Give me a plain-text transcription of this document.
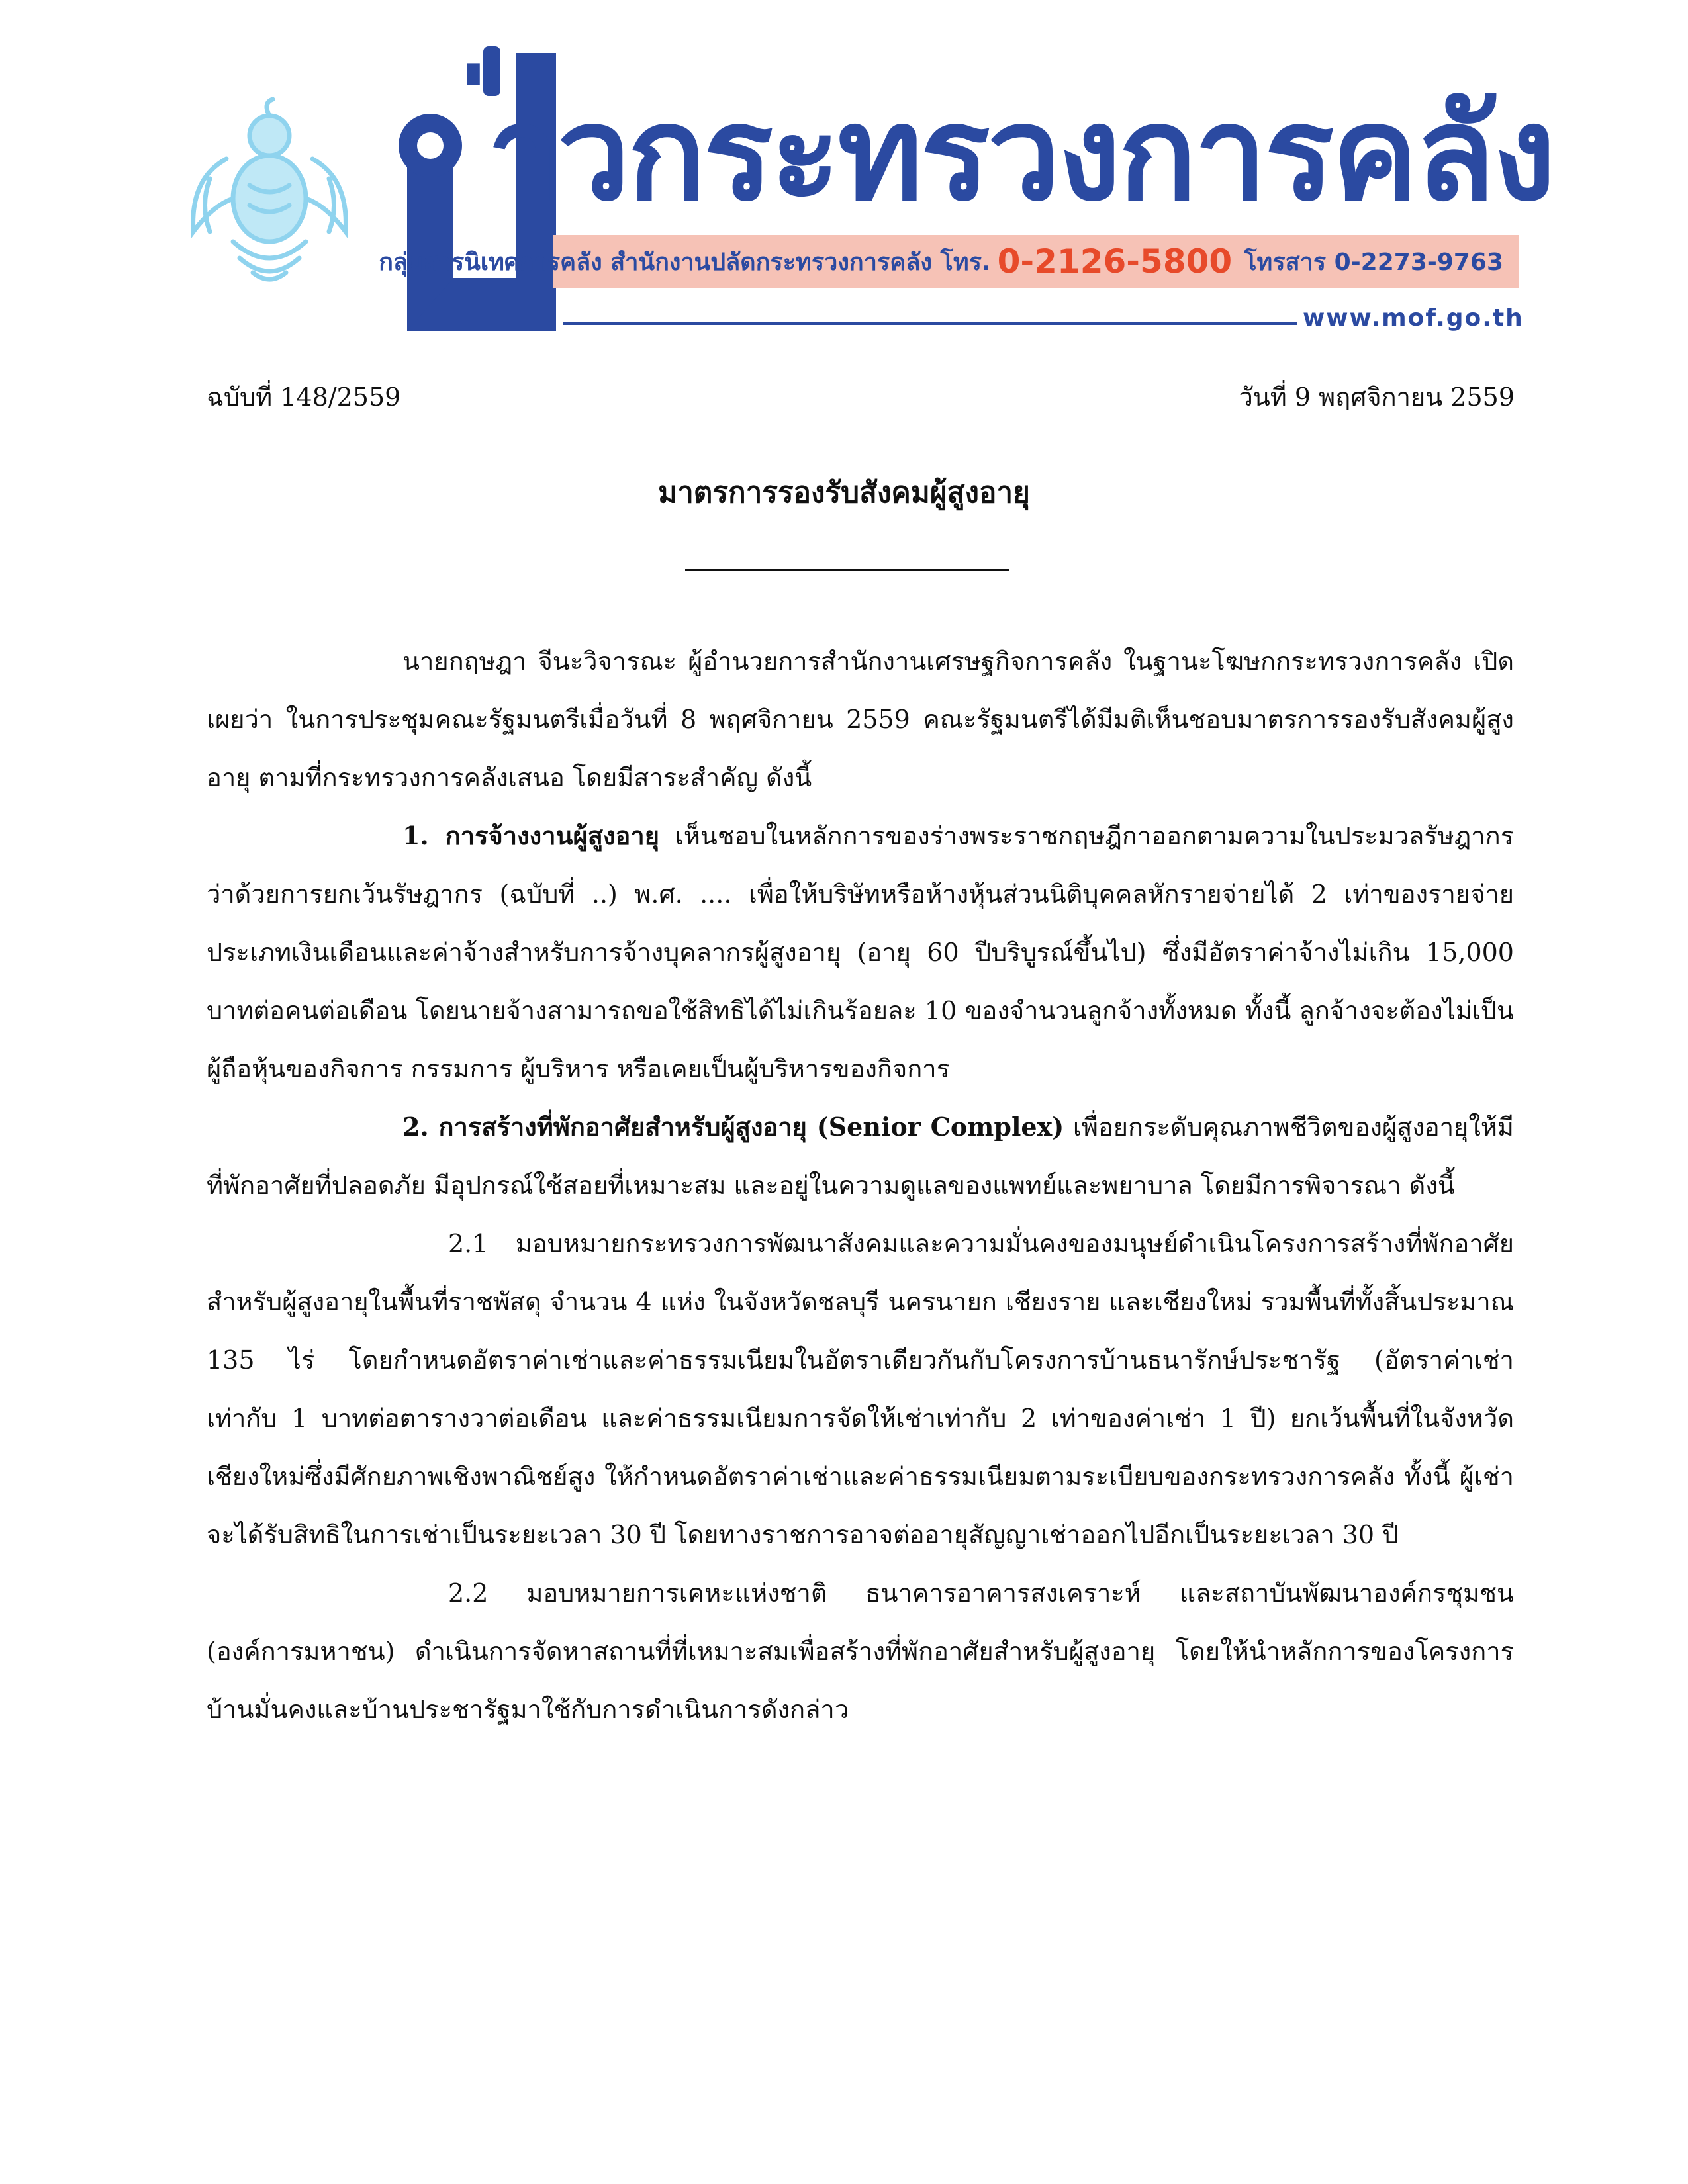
่าวกระทรวงการคลัง
กลุ่มสารนิเทศการคลัง สำนักงานปลัดกระทรวงการคลัง โทร. 0-2126-5800 โทรสาร 0-2273-9763
www.mof.go.th
ฉบับที่ 148/2559	วันที่ 9 พฤศจิกายน 2559
มาตรการรองรับสังคมผู้สูงอายุ

นายกฤษฎา จีนะวิจารณะ ผู้อำนวยการสำนักงานเศรษฐกิจการคลัง ในฐานะโฆษกกระทรวงการคลัง เปิดเผยว่า ในการประชุมคณะรัฐมนตรีเมื่อวันที่ 8 พฤศจิกายน 2559 คณะรัฐมนตรีได้มีมติเห็นชอบมาตรการรองรับสังคมผู้สูงอายุ ตามที่กระทรวงการคลังเสนอ โดยมีสาระสำคัญ ดังนี้

1. การจ้างงานผู้สูงอายุ เห็นชอบในหลักการของร่างพระราชกฤษฎีกาออกตามความในประมวลรัษฎากรว่าด้วยการยกเว้นรัษฎากร (ฉบับที่ ..) พ.ศ. .... เพื่อให้บริษัทหรือห้างหุ้นส่วนนิติบุคคลหักรายจ่ายได้ 2 เท่าของรายจ่ายประเภทเงินเดือนและค่าจ้างสำหรับการจ้างบุคลากรผู้สูงอายุ (อายุ 60 ปีบริบูรณ์ขึ้นไป) ซึ่งมีอัตราค่าจ้างไม่เกิน 15,000 บาทต่อคนต่อเดือน โดยนายจ้างสามารถขอใช้สิทธิได้ไม่เกินร้อยละ 10 ของจำนวนลูกจ้างทั้งหมด ทั้งนี้ ลูกจ้างจะต้องไม่เป็นผู้ถือหุ้นของกิจการ กรรมการ ผู้บริหาร หรือเคยเป็นผู้บริหารของกิจการ

2. การสร้างที่พักอาศัยสำหรับผู้สูงอายุ (Senior Complex) เพื่อยกระดับคุณภาพชีวิตของผู้สูงอายุให้มีที่พักอาศัยที่ปลอดภัย มีอุปกรณ์ใช้สอยที่เหมาะสม และอยู่ในความดูแลของแพทย์และพยาบาล โดยมีการพิจารณา ดังนี้

2.1 มอบหมายกระทรวงการพัฒนาสังคมและความมั่นคงของมนุษย์ดำเนินโครงการสร้างที่พักอาศัยสำหรับผู้สูงอายุในพื้นที่ราชพัสดุ จำนวน 4 แห่ง ในจังหวัดชลบุรี นครนายก เชียงราย และเชียงใหม่ รวมพื้นที่ทั้งสิ้นประมาณ 135 ไร่ โดยกำหนดอัตราค่าเช่าและค่าธรรมเนียมในอัตราเดียวกันกับโครงการบ้านธนารักษ์ประชารัฐ (อัตราค่าเช่า เท่ากับ 1 บาทต่อตารางวาต่อเดือน และค่าธรรมเนียมการจัดให้เช่าเท่ากับ 2 เท่าของค่าเช่า 1 ปี) ยกเว้นพื้นที่ในจังหวัดเชียงใหม่ซึ่งมีศักยภาพเชิงพาณิชย์สูง ให้กำหนดอัตราค่าเช่าและค่าธรรมเนียมตามระเบียบของกระทรวงการคลัง ทั้งนี้ ผู้เช่าจะได้รับสิทธิในการเช่าเป็นระยะเวลา 30 ปี โดยทางราชการอาจต่ออายุสัญญาเช่าออกไปอีกเป็นระยะเวลา 30 ปี

2.2 มอบหมายการเคหะแห่งชาติ ธนาคารอาคารสงเคราะห์ และสถาบันพัฒนาองค์กรชุมชน (องค์การมหาชน) ดำเนินการจัดหาสถานที่ที่เหมาะสมเพื่อสร้างที่พักอาศัยสำหรับผู้สูงอายุ โดยให้นำหลักการของโครงการบ้านมั่นคงและบ้านประชารัฐมาใช้กับการดำเนินการดังกล่าว
